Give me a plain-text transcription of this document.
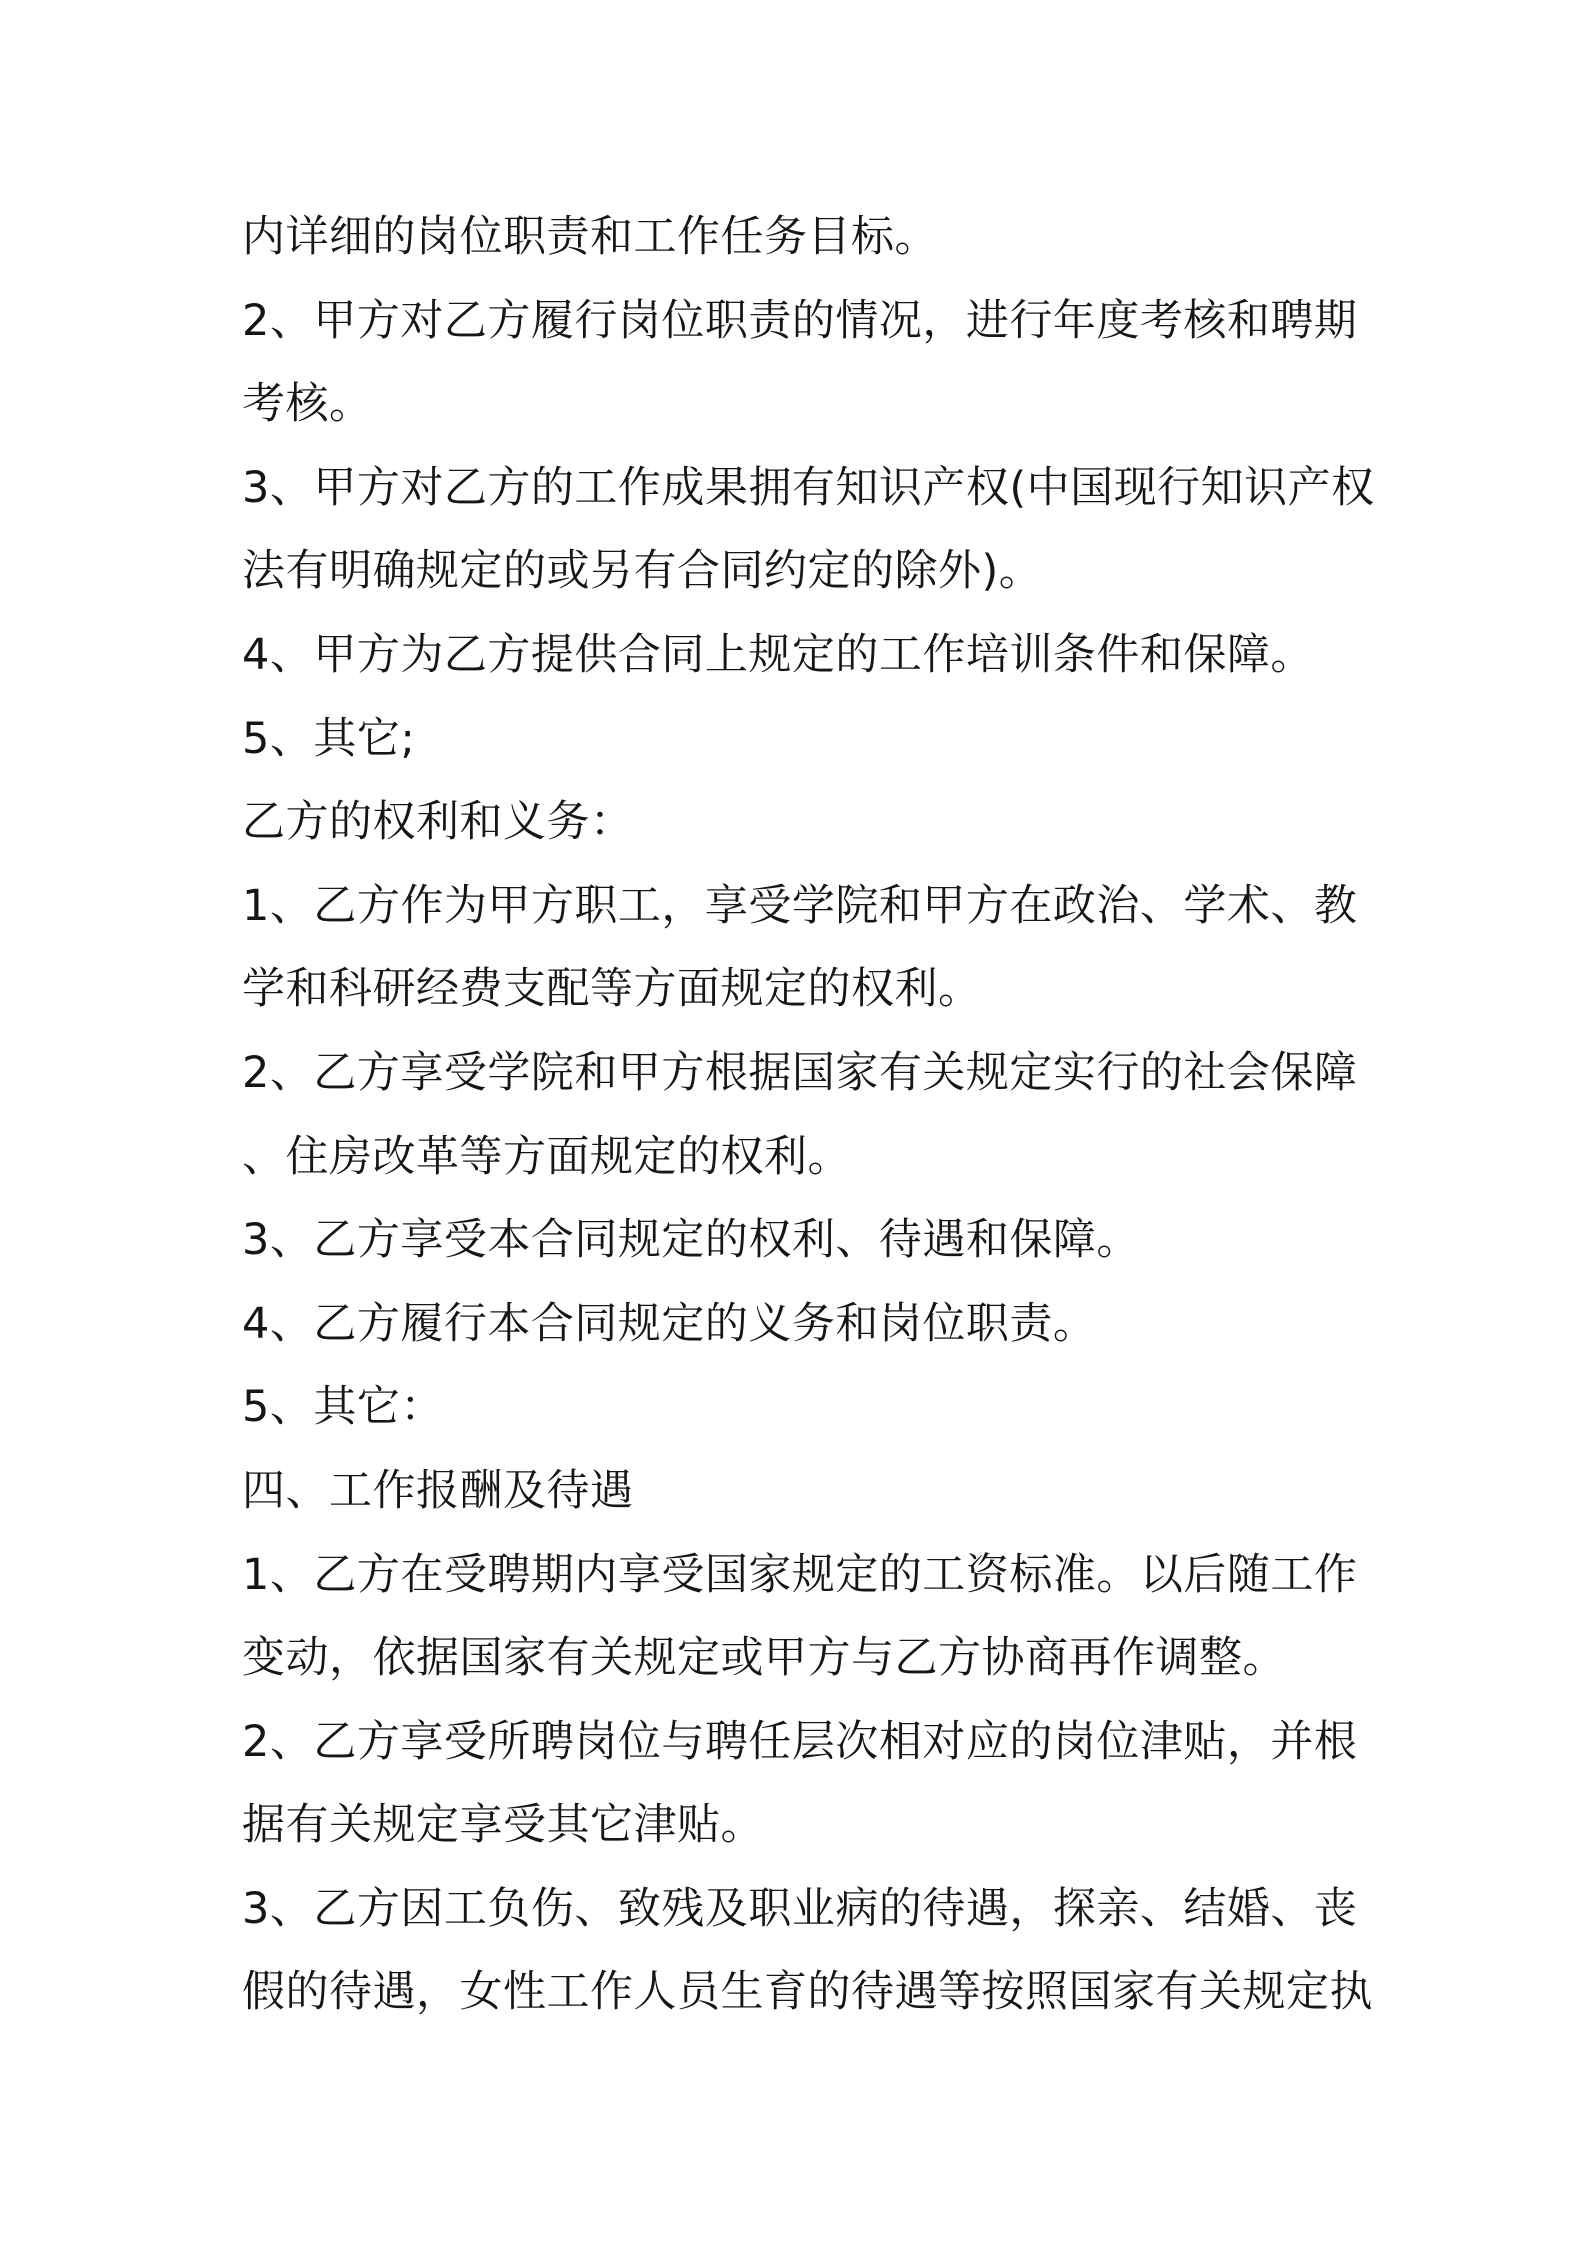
内详细的岗位职责和工作任务目标。
2、甲方对乙方履行岗位职责的情况，进行年度考核和聘期
考核。
3、甲方对乙方的工作成果拥有知识产权(中国现行知识产权
法有明确规定的或另有合同约定的除外)。
4、甲方为乙方提供合同上规定的工作培训条件和保障。
5、其它;
乙方的权利和义务：
1、乙方作为甲方职工，享受学院和甲方在政治、学术、教
学和科研经费支配等方面规定的权利。
2、乙方享受学院和甲方根据国家有关规定实行的社会保障
、住房改革等方面规定的权利。
3、乙方享受本合同规定的权利、待遇和保障。
4、乙方履行本合同规定的义务和岗位职责。
5、其它：
四、工作报酬及待遇
1、乙方在受聘期内享受国家规定的工资标准。以后随工作
变动，依据国家有关规定或甲方与乙方协商再作调整。
2、乙方享受所聘岗位与聘任层次相对应的岗位津贴，并根
据有关规定享受其它津贴。
3、乙方因工负伤、致残及职业病的待遇，探亲、结婚、丧
假的待遇，女性工作人员生育的待遇等按照国家有关规定执
